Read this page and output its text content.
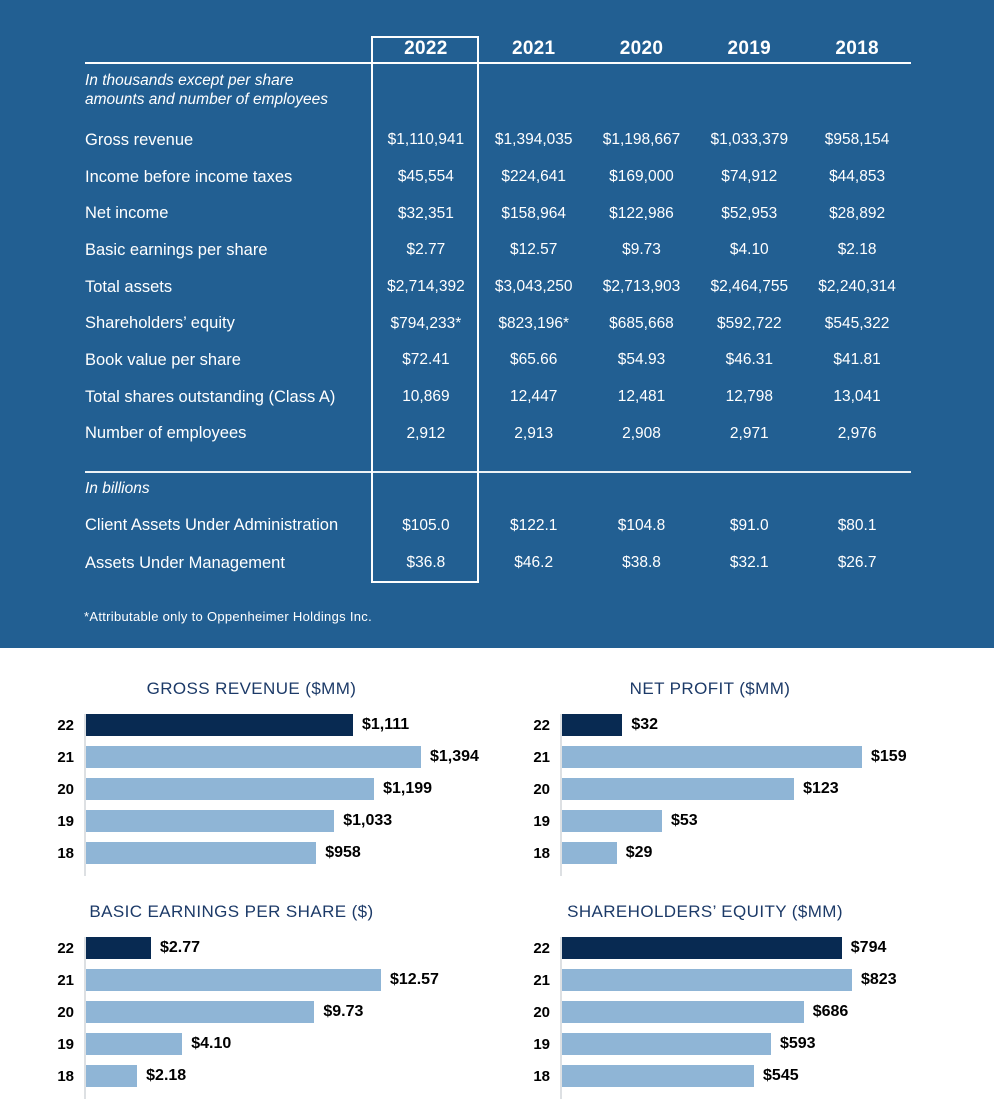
2022	2021	2020	2019	2018
In thousands except per share
amounts and number of employees
Gross revenue	$1,110,941	$1,394,035	$1,198,667	$1,033,379	$958,154
Income before income taxes	$45,554	$224,641	$169,000	$74,912	$44,853
Net income	$32,351	$158,964	$122,986	$52,953	$28,892
Basic earnings per share	$2.77	$12.57	$9.73	$4.10	$2.18
Total assets	$2,714,392	$3,043,250	$2,713,903	$2,464,755	$2,240,314
Shareholders’ equity	$794,233*	$823,196*	$685,668	$592,722	$545,322
Book value per share	$72.41	$65.66	$54.93	$46.31	$41.81
Total shares outstanding (Class A)	10,869	12,447	12,481	12,798	13,041
Number of employees	2,912	2,913	2,908	2,971	2,976
In billions
Client Assets Under Administration	$105.0	$122.1	$104.8	$91.0	$80.1
Assets Under Management	$36.8	$46.2	$38.8	$32.1	$26.7
*Attributable only to Oppenheimer Holdings Inc.
GROSS REVENUE ($MM)
22
21
20
19
18
$1,111
$1,394
$1,199
$1,033
$958
NET PROFIT ($MM)
22
21
20
19
18
$32
$159
$123
$53
$29
BASIC EARNINGS PER SHARE ($)
22
21
20
19
18
$2.77
$12.57
$9.73
$4.10
$2.18
SHAREHOLDERS’ EQUITY ($MM)
22
21
20
19
18
$794
$823
$686
$593
$545
